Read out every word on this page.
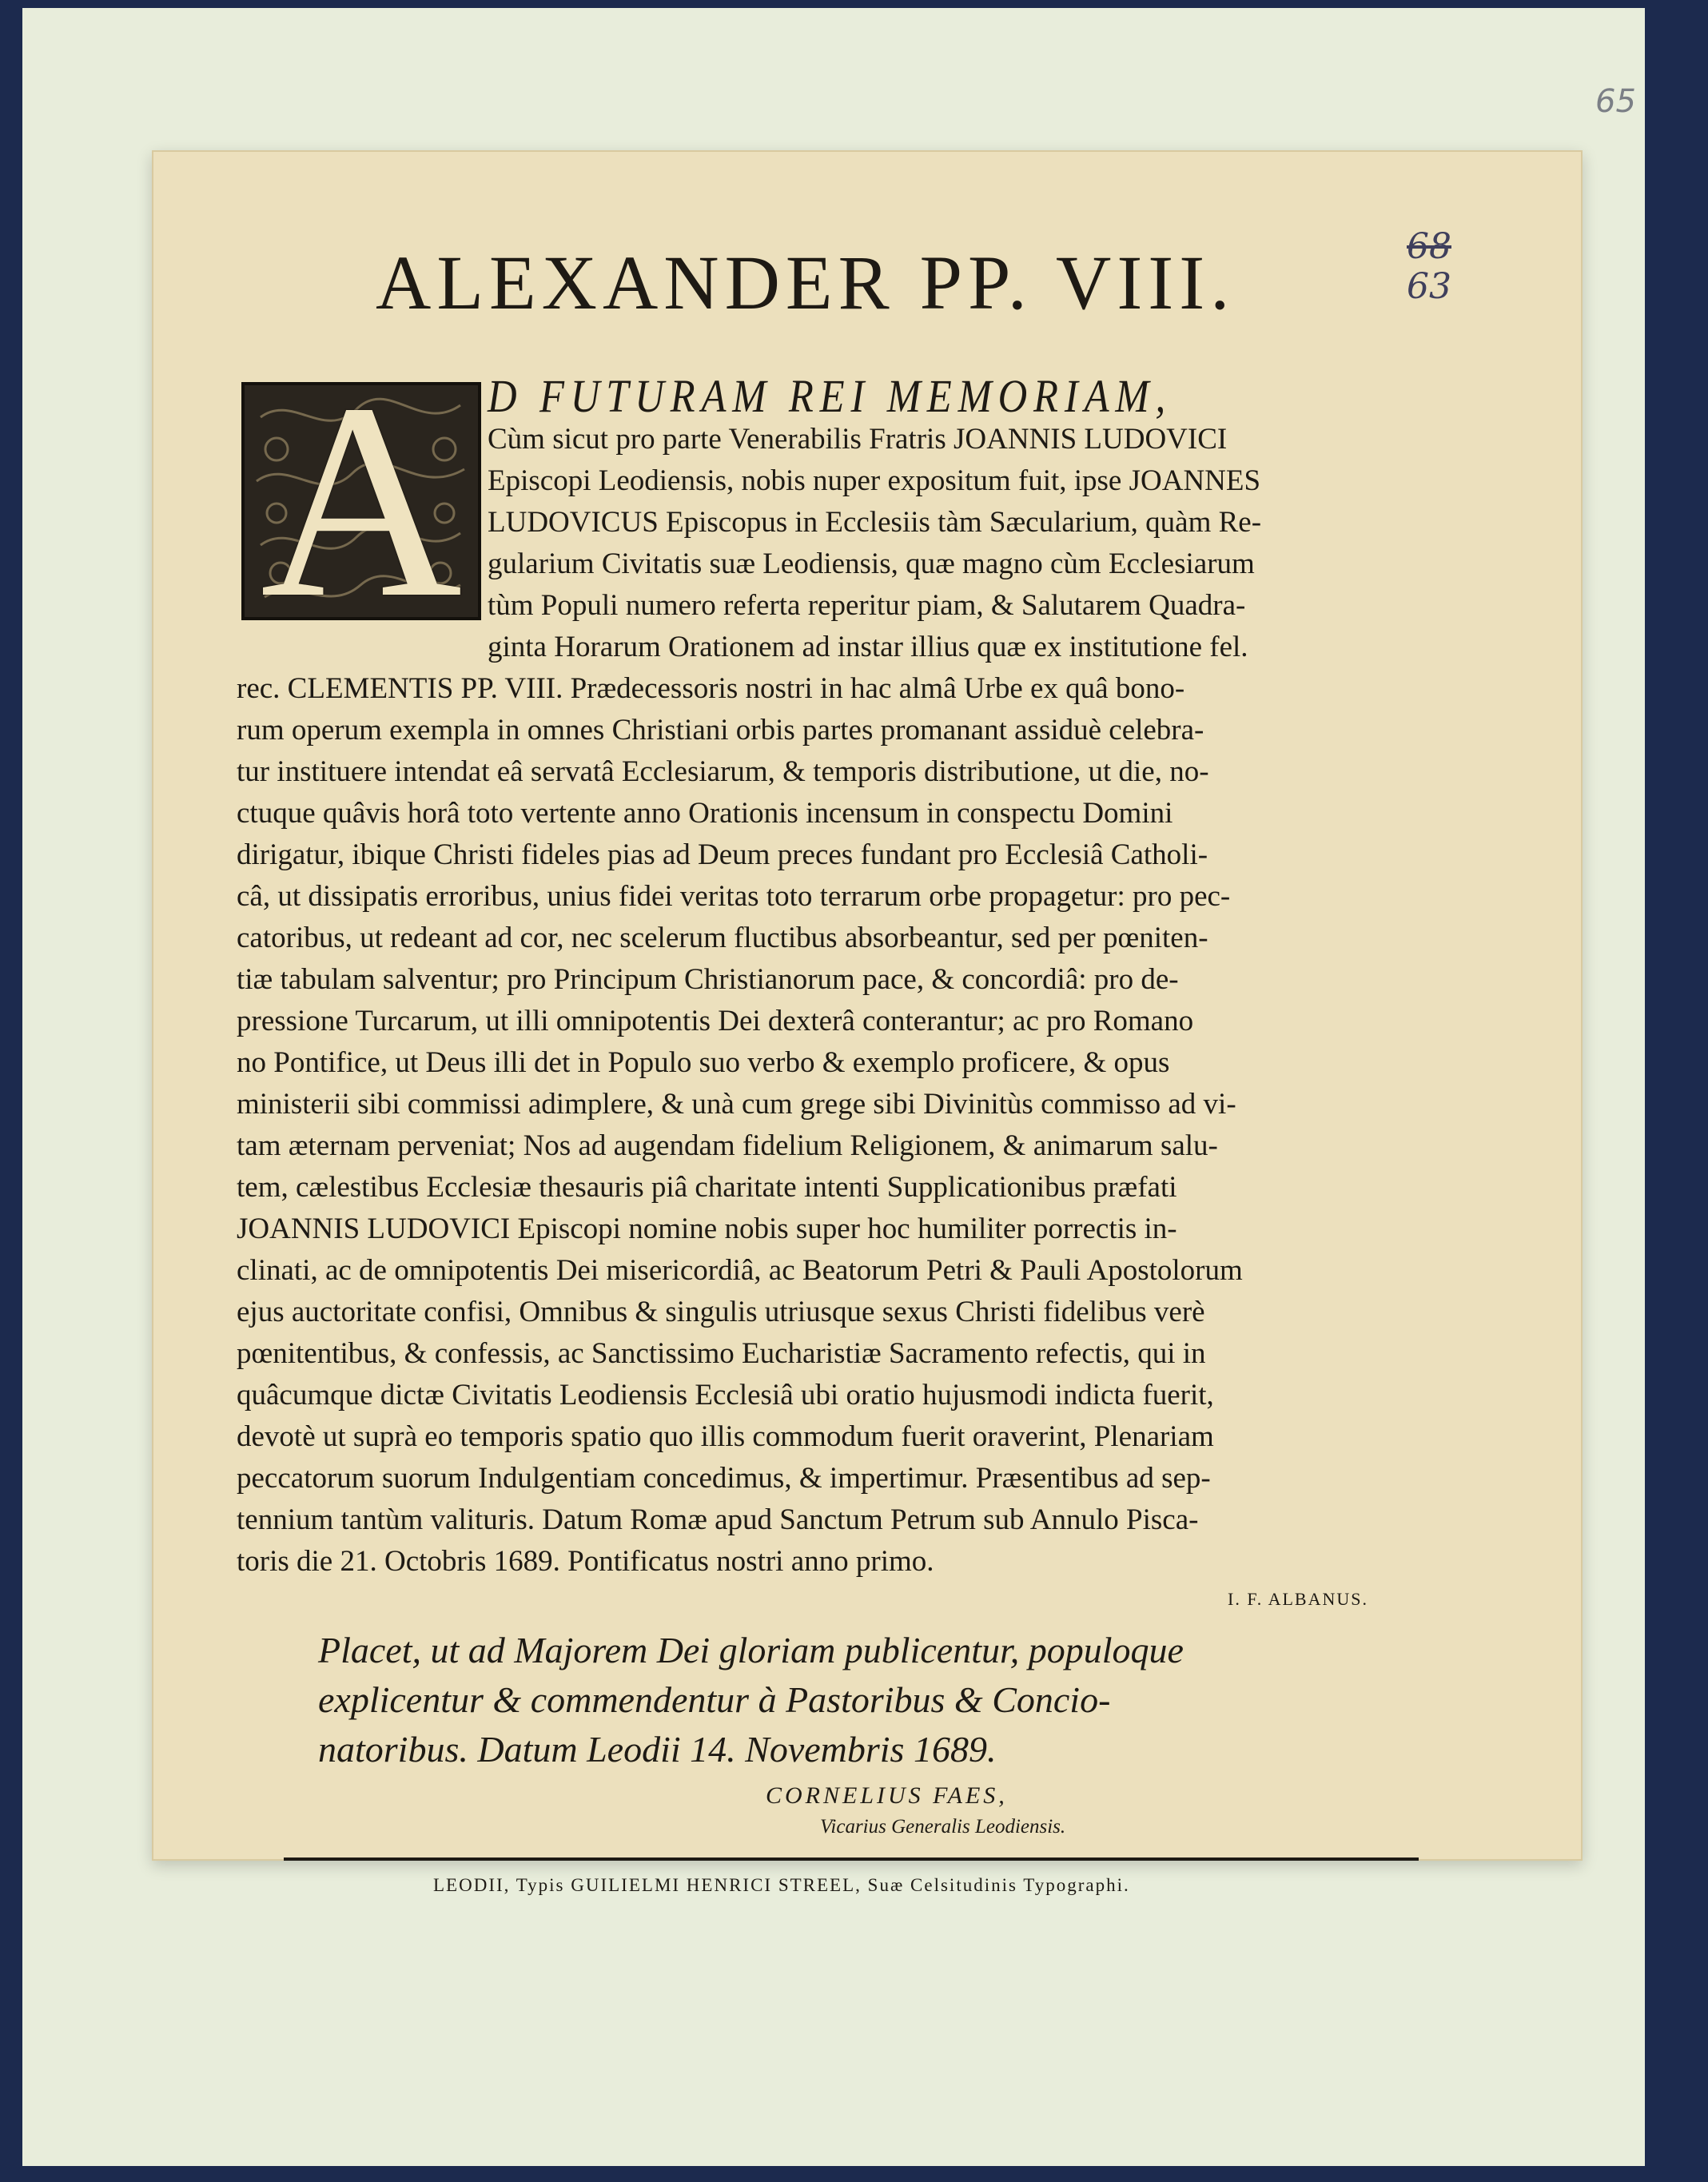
65
ALEXANDER PP. VIII.	68
63
A D FUTURAM REI MEMORIAM,
Cùm sicut pro parte Venerabilis Fratris JOANNIS LUDOVICI
Episcopi Leodiensis, nobis nuper expositum fuit, ipse JOANNES
LUDOVICUS Episcopus in Ecclesiis tàm Sæcularium, quàm Re-
gularium Civitatis suæ Leodiensis, quæ magno cùm Ecclesiarum
tùm Populi numero referta reperitur piam, & Salutarem Quadra-
ginta Horarum Orationem ad instar illius quæ ex institutione fel.
rec. CLEMENTIS PP. VIII. Prædecessoris nostri in hac almâ Urbe ex quâ bono-
rum operum exempla in omnes Christiani orbis partes promanant assiduè celebra-
tur instituere intendat eâ servatâ Ecclesiarum, & temporis distributione, ut die, no-
ctuque quâvis horâ toto vertente anno Orationis incensum in conspectu Domini
dirigatur, ibique Christi fideles pias ad Deum preces fundant pro Ecclesiâ Catholi-
câ, ut dissipatis erroribus, unius fidei veritas toto terrarum orbe propagetur: pro pec-
catoribus, ut redeant ad cor, nec scelerum fluctibus absorbeantur, sed per pœniten-
tiæ tabulam salventur; pro Principum Christianorum pace, & concordiâ: pro de-
pressione Turcarum, ut illi omnipotentis Dei dexterâ conterantur; ac pro Romano
no Pontifice, ut Deus illi det in Populo suo verbo & exemplo proficere, & opus
ministerii sibi commissi adimplere, & unà cum grege sibi Divinitùs commisso ad vi-
tam æternam perveniat; Nos ad augendam fidelium Religionem, & animarum salu-
tem, cælestibus Ecclesiæ thesauris piâ charitate intenti Supplicationibus præfati
JOANNIS LUDOVICI Episcopi nomine nobis super hoc humiliter porrectis in-
clinati, ac de omnipotentis Dei misericordiâ, ac Beatorum Petri & Pauli Apostolorum
ejus auctoritate confisi, Omnibus & singulis utriusque sexus Christi fidelibus verè
pœnitentibus, & confessis, ac Sanctissimo Eucharistiæ Sacramento refectis, qui in
quâcumque dictæ Civitatis Leodiensis Ecclesiâ ubi oratio hujusmodi indicta fuerit,
devotè ut suprà eo temporis spatio quo illis commodum fuerit oraverint, Plenariam
peccatorum suorum Indulgentiam concedimus, & impertimur. Præsentibus ad sep-
tennium tantùm valituris. Datum Romæ apud Sanctum Petrum sub Annulo Pisca-
toris die 21. Octobris 1689. Pontificatus nostri anno primo.
I. F. ALBANUS.
Placet, ut ad Majorem Dei gloriam publicentur, populoque
explicentur & commendentur à Pastoribus & Concio-
natoribus. Datum Leodii 14. Novembris 1689.
CORNELIUS FAES,
Vicarius Generalis Leodiensis.
LEODII, Typis GUILIELMI HENRICI STREEL, Suæ Celsitudinis Typographi.
